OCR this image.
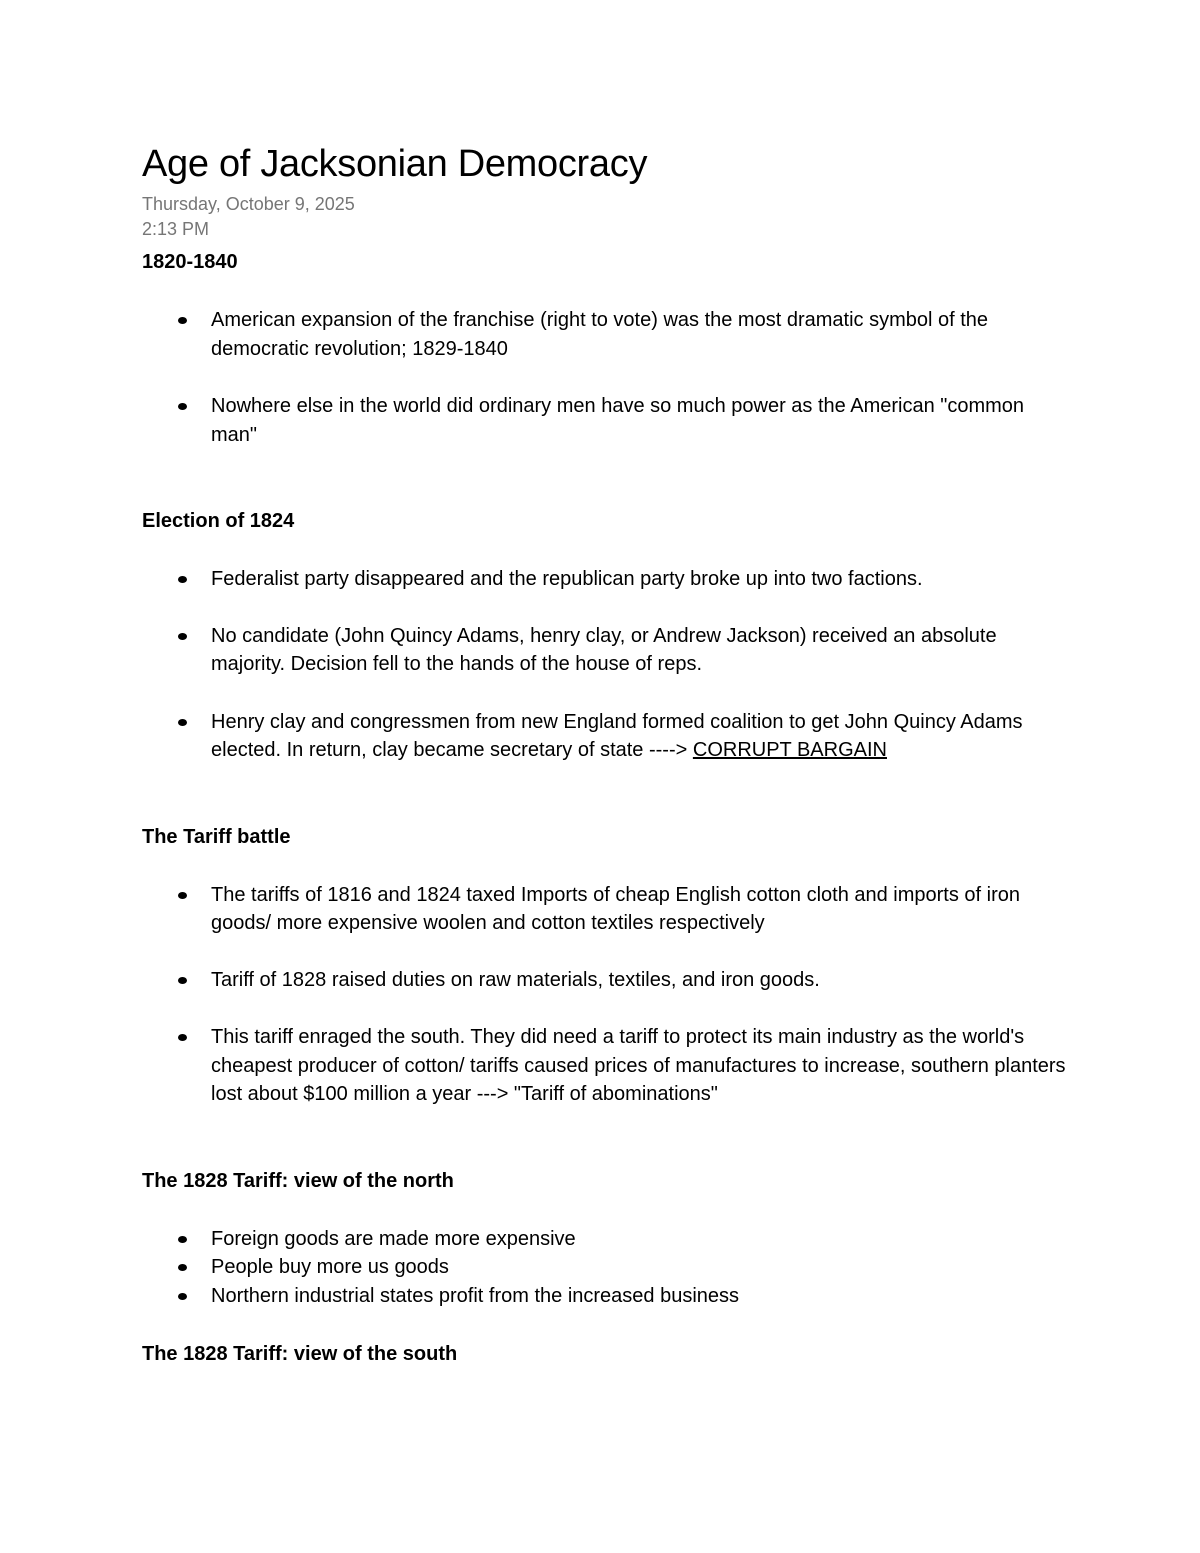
Age of Jacksonian Democracy

Thursday, October 9, 2025

2:13 PM

1820-1840
American expansion of the franchise (right to vote) was the most dramatic symbol of the democratic revolution; 1829-1840
Nowhere else in the world did ordinary men have so much power as the American "common man"
Election of 1824
Federalist party disappeared and the republican party broke up into two factions.
No candidate (John Quincy Adams, henry clay, or Andrew Jackson) received an absolute majority. Decision fell to the hands of the house of reps.
Henry clay and congressmen from new England formed coalition to get John Quincy Adams elected. In return, clay became secretary of state ----> CORRUPT BARGAIN
The Tariff battle
The tariffs of 1816 and 1824 taxed Imports of cheap English cotton cloth and imports of iron goods/ more expensive woolen and cotton textiles respectively
Tariff of 1828 raised duties on raw materials, textiles, and iron goods.
This tariff enraged the south. They did need a tariff to protect its main industry as the world's cheapest producer of cotton/ tariffs caused prices of manufactures to increase, southern planters lost about $100 million a year ---> "Tariff of abominations"
The 1828 Tariff: view of the north
Foreign goods are made more expensive
People buy more us goods
Northern industrial states profit from the increased business
The 1828 Tariff: view of the south
